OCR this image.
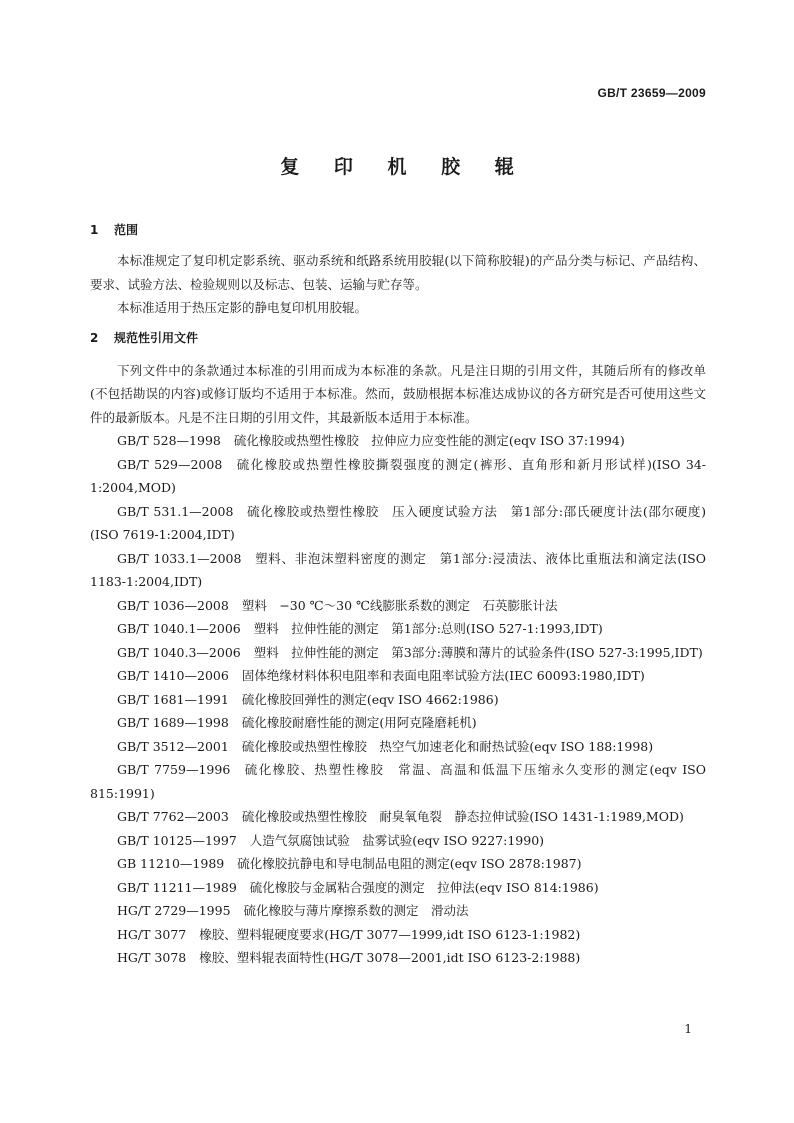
GB/T 23659—2009
复 印 机 胶 辊
1 范围

本标准规定了复印机定影系统、驱动系统和纸路系统用胶辊(以下简称胶辊)的产品分类与标记、产品结构、要求、试验方法、检验规则以及标志、包装、运输与贮存等。

本标准适用于热压定影的静电复印机用胶辊。

2 规范性引用文件

下列文件中的条款通过本标准的引用而成为本标准的条款。凡是注日期的引用文件，其随后所有的修改单(不包括勘误的内容)或修订版均不适用于本标准。然而，鼓励根据本标准达成协议的各方研究是否可使用这些文件的最新版本。凡是不注日期的引用文件，其最新版本适用于本标准。

GB/T 528—1998 硫化橡胶或热塑性橡胶　拉伸应力应变性能的测定(eqv ISO 37:1994)

GB/T 529—2008 硫化橡胶或热塑性橡胶撕裂强度的测定(裤形、直角形和新月形试样)(ISO 34-1:2004,MOD)

GB/T 531.1—2008 硫化橡胶或热塑性橡胶　压入硬度试验方法　第1部分:邵氏硬度计法(邵尔硬度)(ISO 7619-1:2004,IDT)

GB/T 1033.1—2008 塑料、非泡沫塑料密度的测定　第1部分:浸渍法、液体比重瓶法和滴定法(ISO 1183-1:2004,IDT)

GB/T 1036—2008 塑料　−30 ℃～30 ℃线膨胀系数的测定　石英膨胀计法

GB/T 1040.1—2006 塑料　拉伸性能的测定　第1部分:总则(ISO 527-1:1993,IDT)

GB/T 1040.3—2006 塑料　拉伸性能的测定　第3部分:薄膜和薄片的试验条件(ISO 527-3:1995,IDT)

GB/T 1410—2006 固体绝缘材料体积电阻率和表面电阻率试验方法(IEC 60093:1980,IDT)

GB/T 1681—1991 硫化橡胶回弹性的测定(eqv ISO 4662:1986)

GB/T 1689—1998 硫化橡胶耐磨性能的测定(用阿克隆磨耗机)

GB/T 3512—2001 硫化橡胶或热塑性橡胶　热空气加速老化和耐热试验(eqv ISO 188:1998)

GB/T 7759—1996 硫化橡胶、热塑性橡胶　常温、高温和低温下压缩永久变形的测定(eqv ISO 815:1991)

GB/T 7762—2003 硫化橡胶或热塑性橡胶　耐臭氧龟裂　静态拉伸试验(ISO 1431-1:1989,MOD)

GB/T 10125—1997 人造气氛腐蚀试验　盐雾试验(eqv ISO 9227:1990)

GB 11210—1989 硫化橡胶抗静电和导电制品电阻的测定(eqv ISO 2878:1987)

GB/T 11211—1989 硫化橡胶与金属粘合强度的测定　拉伸法(eqv ISO 814:1986)

HG/T 2729—1995 硫化橡胶与薄片摩擦系数的测定　滑动法

HG/T 3077 橡胶、塑料辊硬度要求(HG/T 3077—1999,idt ISO 6123-1:1982)

HG/T 3078 橡胶、塑料辊表面特性(HG/T 3078—2001,idt ISO 6123-2:1988)

1
